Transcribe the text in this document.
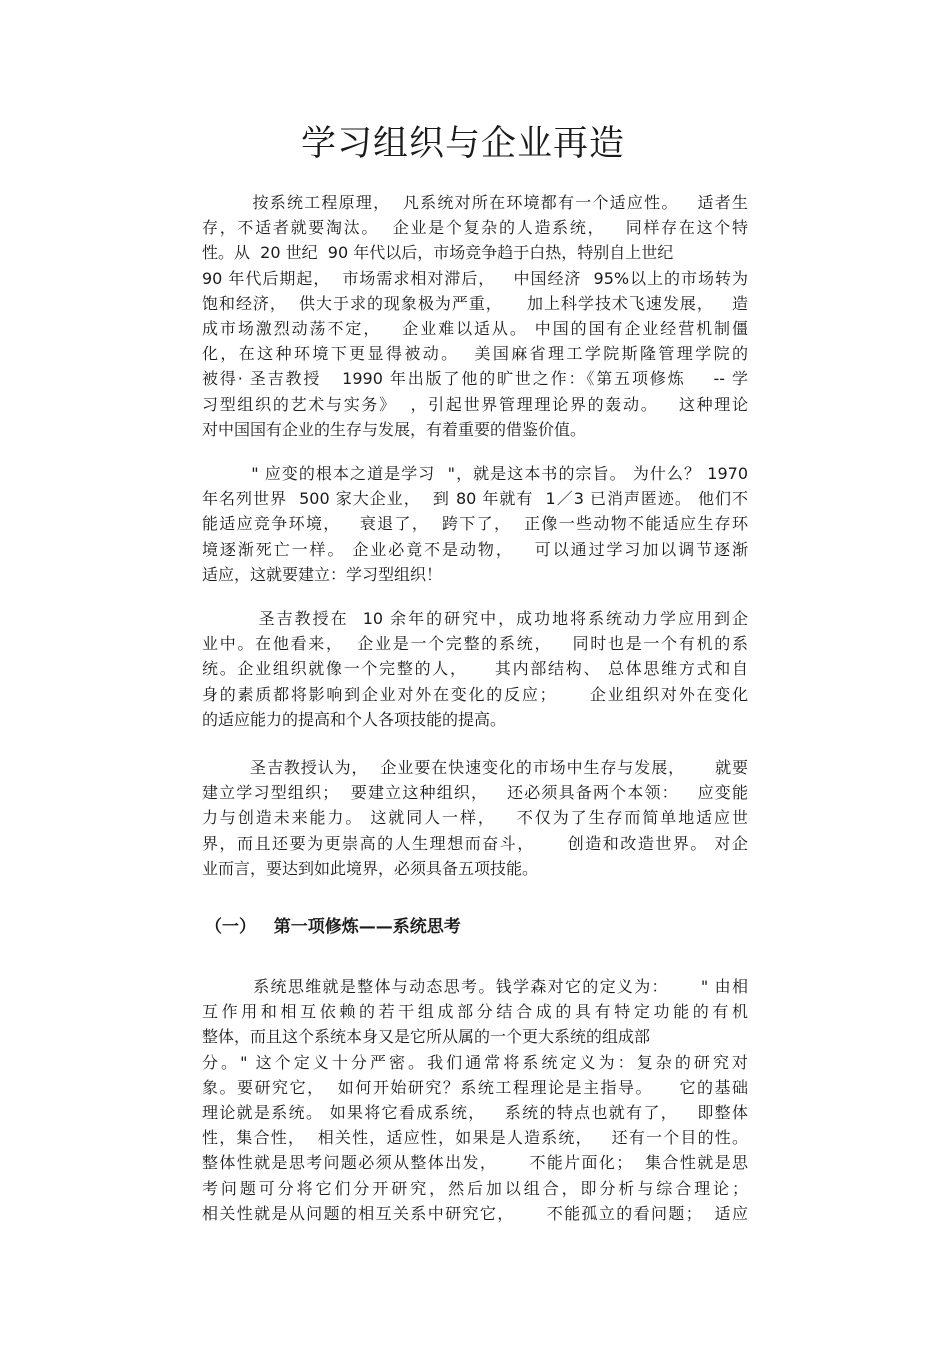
学习组织与企业再造
按系统工程原理，  凡系统对所在环境都有一个适应性。   适者生
存，不适者就要淘汰。  企业是个复杂的人造系统，   同样存在这个特
性。从  20 世纪  90 年代以后，市场竞争趋于白热，特别自上世纪
90 年代后期起，  市场需求相对滞后，   中国经济  95%以上的市场转为
饱和经济，  供大于求的现象极为严重，    加上科学技术飞速发展，   造
成市场激烈动荡不定，   企业难以适从。 中国的国有企业经营机制僵
化，在这种环境下更显得被动。  美国麻省理工学院斯隆管理学院的
被得· 圣吉教授   1990 年出版了他的旷世之作：《第五项修炼    -- 学
习型组织的艺术与实务》  ，引起世界管理理论界的轰动。   这种理论
对中国国有企业的生存与发展，有着重要的借鉴价值。
" 应变的根本之道是学习  "，就是这本书的宗旨。 为什么？ 1970
年名列世界  500 家大企业，  到 80 年就有  1／3 已消声匿迹。 他们不
能适应竞争环境，   衰退了，  跨下了，  正像一些动物不能适应生存环
境逐渐死亡一样。 企业必竟不是动物，   可以通过学习加以调节逐渐
适应，这就要建立：学习型组织！
圣吉教授在  10 余年的研究中，成功地将系统动力学应用到企
业中。在他看来，  企业是一个完整的系统，   同时也是一个有机的系
统。企业组织就像一个完整的人，    其内部结构、 总体思维方式和自
身的素质都将影响到企业对外在变化的反应；     企业组织对外在变化
的适应能力的提高和个人各项技能的提高。
圣吉教授认为，  企业要在快速变化的市场中生存与发展，     就要
建立学习型组织；  要建立这种组织，   还必须具备两个本领：   应变能
力与创造未来能力。 这就同人一样，   不仅为了生存而简单地适应世
界，而且还要为更崇高的人生理想而奋斗，     创造和改造世界。 对企
业而言，要达到如此境界，必须具备五项技能。
（一）   第一项修炼——系统思考
系统思维就是整体与动态思考。钱学森对它的定义为：     " 由相
互作用和相互依赖的若干组成部分结合成的具有特定功能的有机
整体，而且这个系统本身又是它所从属的一个更大系统的组成部
分。" 这个定义十分严密。我们通常将系统定义为：复杂的研究对
象。要研究它，  如何开始研究？系统工程理论是主指导。    它的基础
理论就是系统。 如果将它看成系统，   系统的特点也就有了，   即整体
性，集合性，  相关性，适应性，如果是人造系统，   还有一个目的性。
整体性就是思考问题必须从整体出发，     不能片面化；  集合性就是思
考问题可分将它们分开研究，然后加以组合，即分析与综合理论；
相关性就是从问题的相互关系中研究它，     不能孤立的看问题；  适应
